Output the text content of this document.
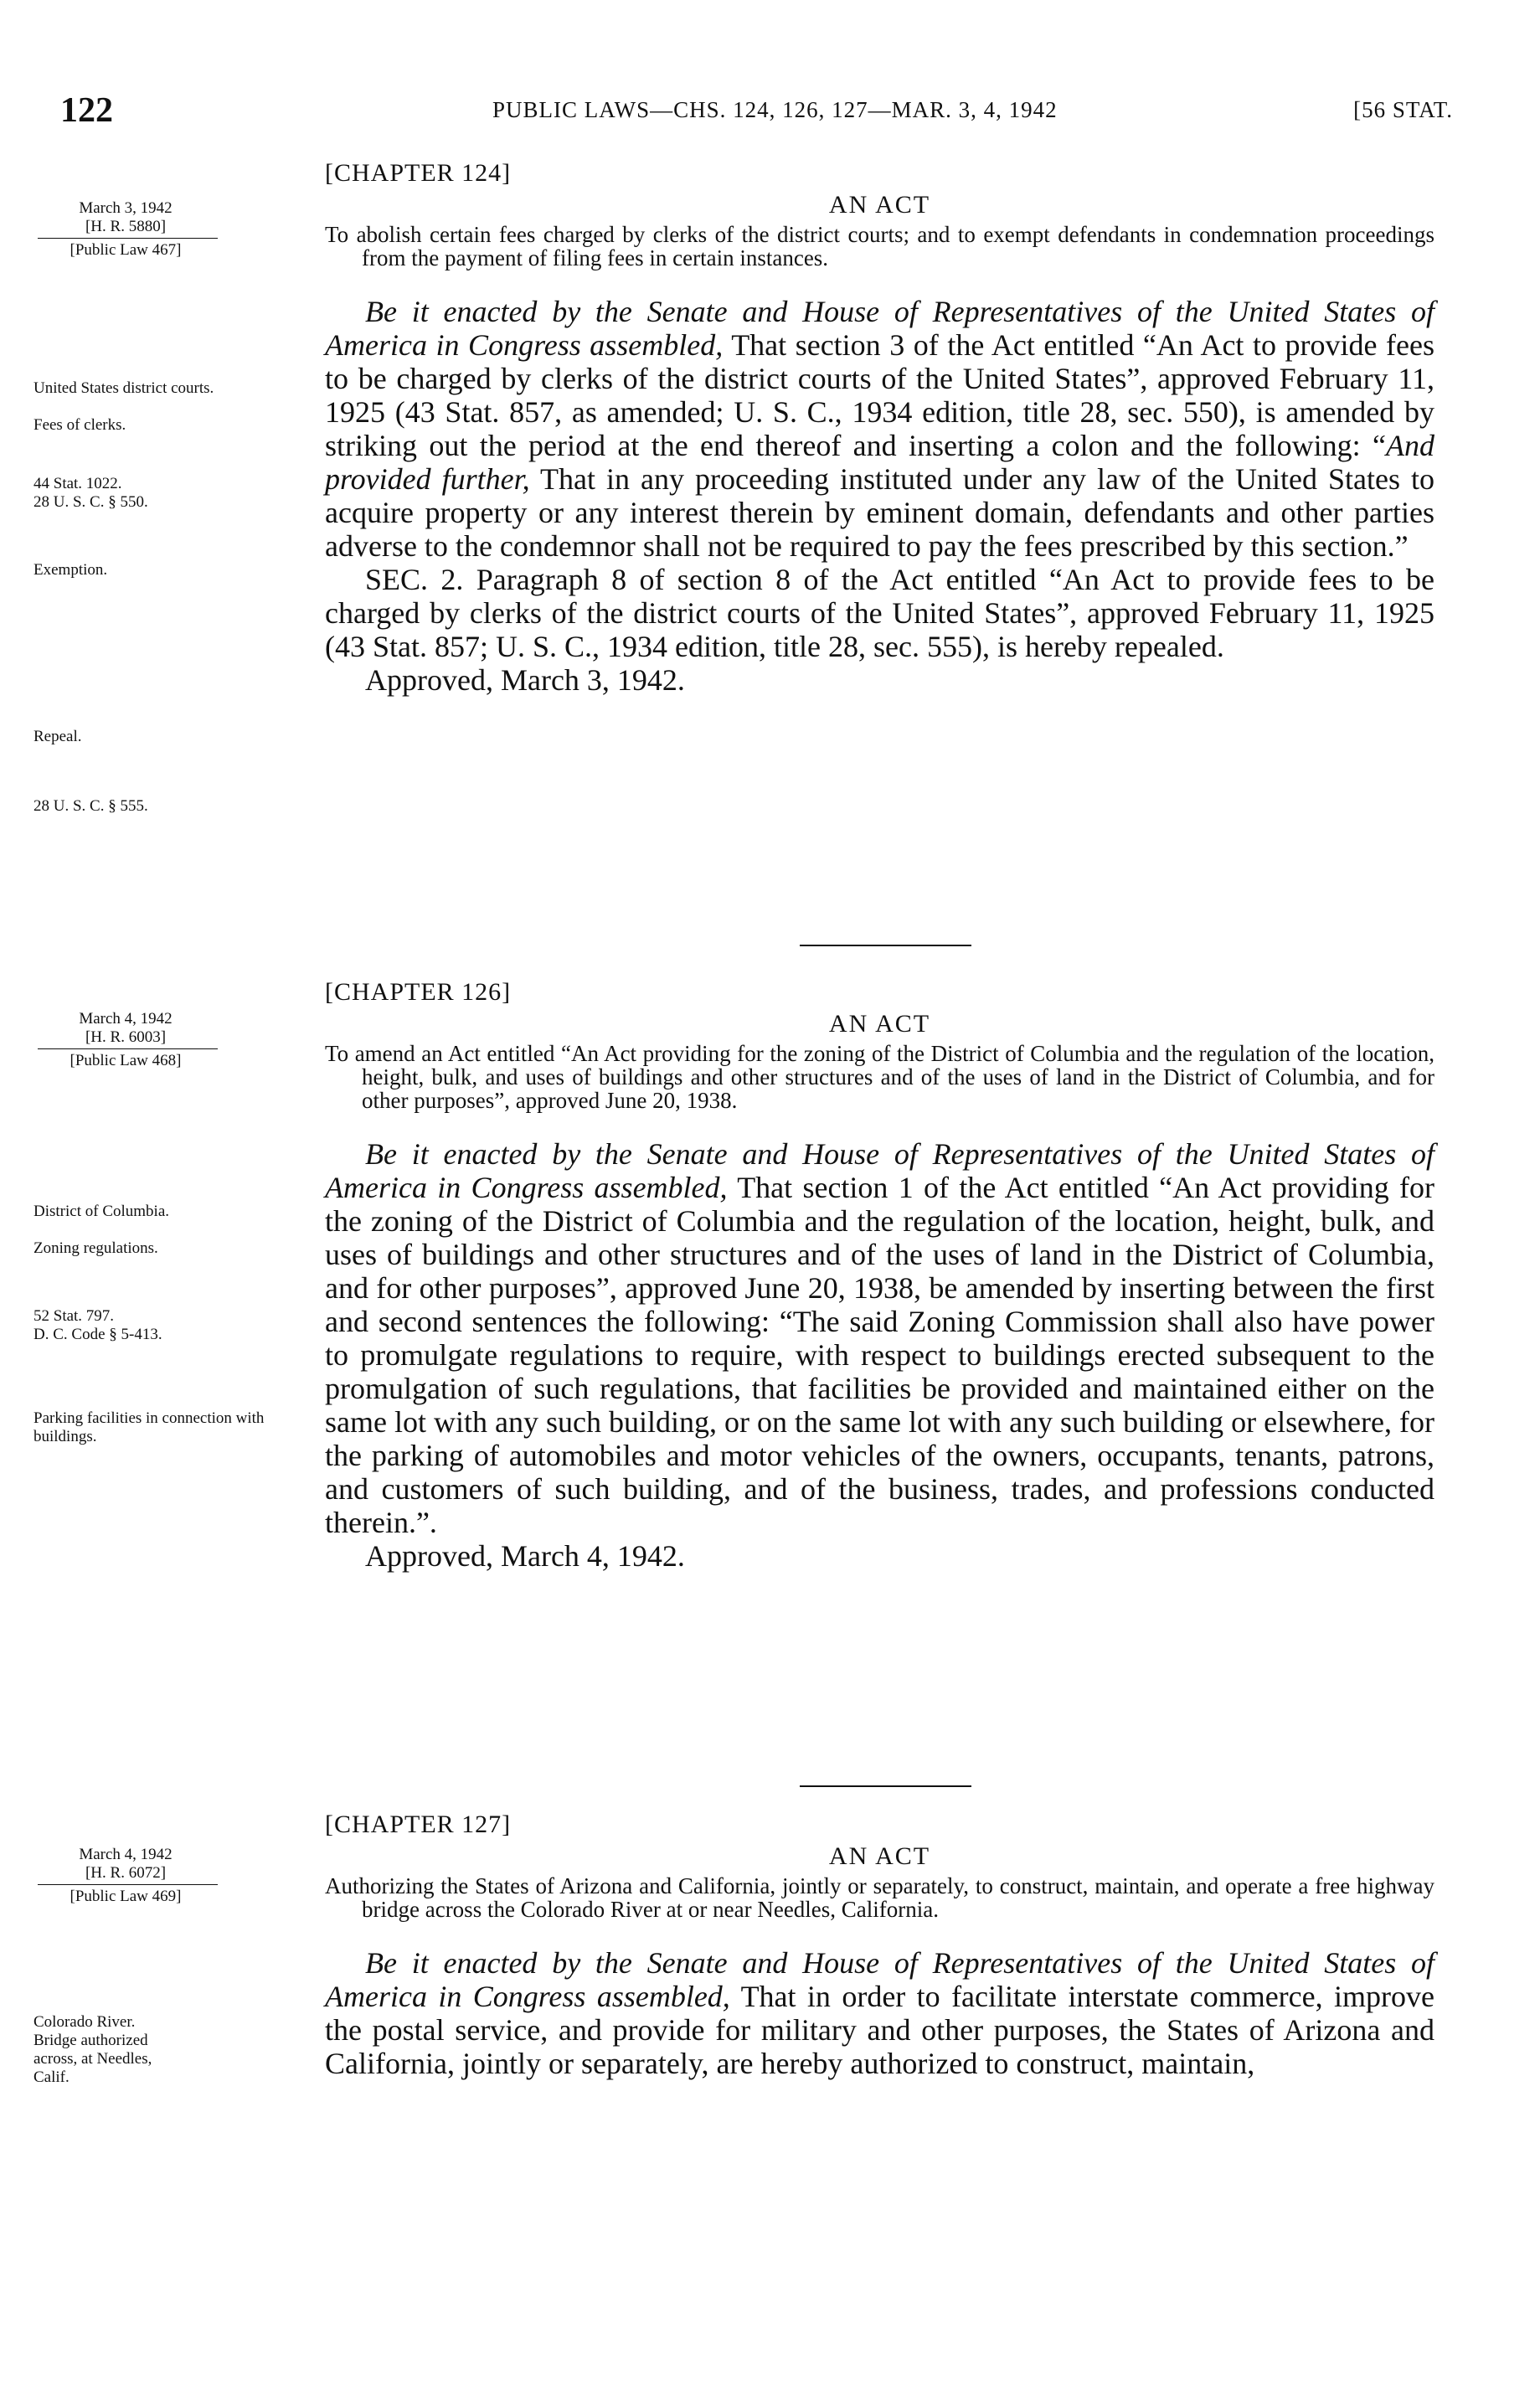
122	PUBLIC LAWS—CHS. 124, 126, 127—MAR. 3, 4, 1942	[56 STAT.
March 3, 1942
[H. R. 5880]
[Public Law 467]
United States district courts.
Fees of clerks.
44 Stat. 1022.
28 U. S. C. § 550.
Exemption.
Repeal.
28 U. S. C. § 555.
[CHAPTER 124]
AN ACT
To abolish certain fees charged by clerks of the district courts; and to exempt defendants in condemnation proceedings from the payment of filing fees in certain instances.
Be it enacted by the Senate and House of Representatives of the United States of America in Congress assembled, That section 3 of the Act entitled “An Act to provide fees to be charged by clerks of the district courts of the United States”, approved February 11, 1925 (43 Stat. 857, as amended; U. S. C., 1934 edition, title 28, sec. 550), is amended by striking out the period at the end thereof and inserting a colon and the following: “And provided further, That in any proceeding instituted under any law of the United States to acquire property or any interest therein by eminent domain, defendants and other parties adverse to the condemnor shall not be required to pay the fees prescribed by this section.”
SEC. 2. Paragraph 8 of section 8 of the Act entitled “An Act to provide fees to be charged by clerks of the district courts of the United States”, approved February 11, 1925 (43 Stat. 857; U. S. C., 1934 edition, title 28, sec. 555), is hereby repealed.
Approved, March 3, 1942.
March 4, 1942
[H. R. 6003]
[Public Law 468]
District of Columbia.
Zoning regulations.
52 Stat. 797.
D. C. Code § 5-413.
Parking facilities in connection with buildings.
[CHAPTER 126]
AN ACT
To amend an Act entitled “An Act providing for the zoning of the District of Columbia and the regulation of the location, height, bulk, and uses of buildings and other structures and of the uses of land in the District of Columbia, and for other purposes”, approved June 20, 1938.
Be it enacted by the Senate and House of Representatives of the United States of America in Congress assembled, That section 1 of the Act entitled “An Act providing for the zoning of the District of Columbia and the regulation of the location, height, bulk, and uses of buildings and other structures and of the uses of land in the District of Columbia, and for other purposes”, approved June 20, 1938, be amended by inserting between the first and second sentences the following: “The said Zoning Commission shall also have power to promulgate regulations to require, with respect to buildings erected subsequent to the promulgation of such regulations, that facilities be provided and maintained either on the same lot with any such building, or on the same lot with any such building or elsewhere, for the parking of automobiles and motor vehicles of the owners, occupants, tenants, patrons, and customers of such building, and of the business, trades, and professions conducted therein.”.
Approved, March 4, 1942.
March 4, 1942
[H. R. 6072]
[Public Law 469]
Colorado River.
Bridge authorized across, at Needles, Calif.
[CHAPTER 127]
AN ACT
Authorizing the States of Arizona and California, jointly or separately, to construct, maintain, and operate a free highway bridge across the Colorado River at or near Needles, California.
Be it enacted by the Senate and House of Representatives of the United States of America in Congress assembled, That in order to facilitate interstate commerce, improve the postal service, and provide for military and other purposes, the States of Arizona and California, jointly or separately, are hereby authorized to construct, maintain,
